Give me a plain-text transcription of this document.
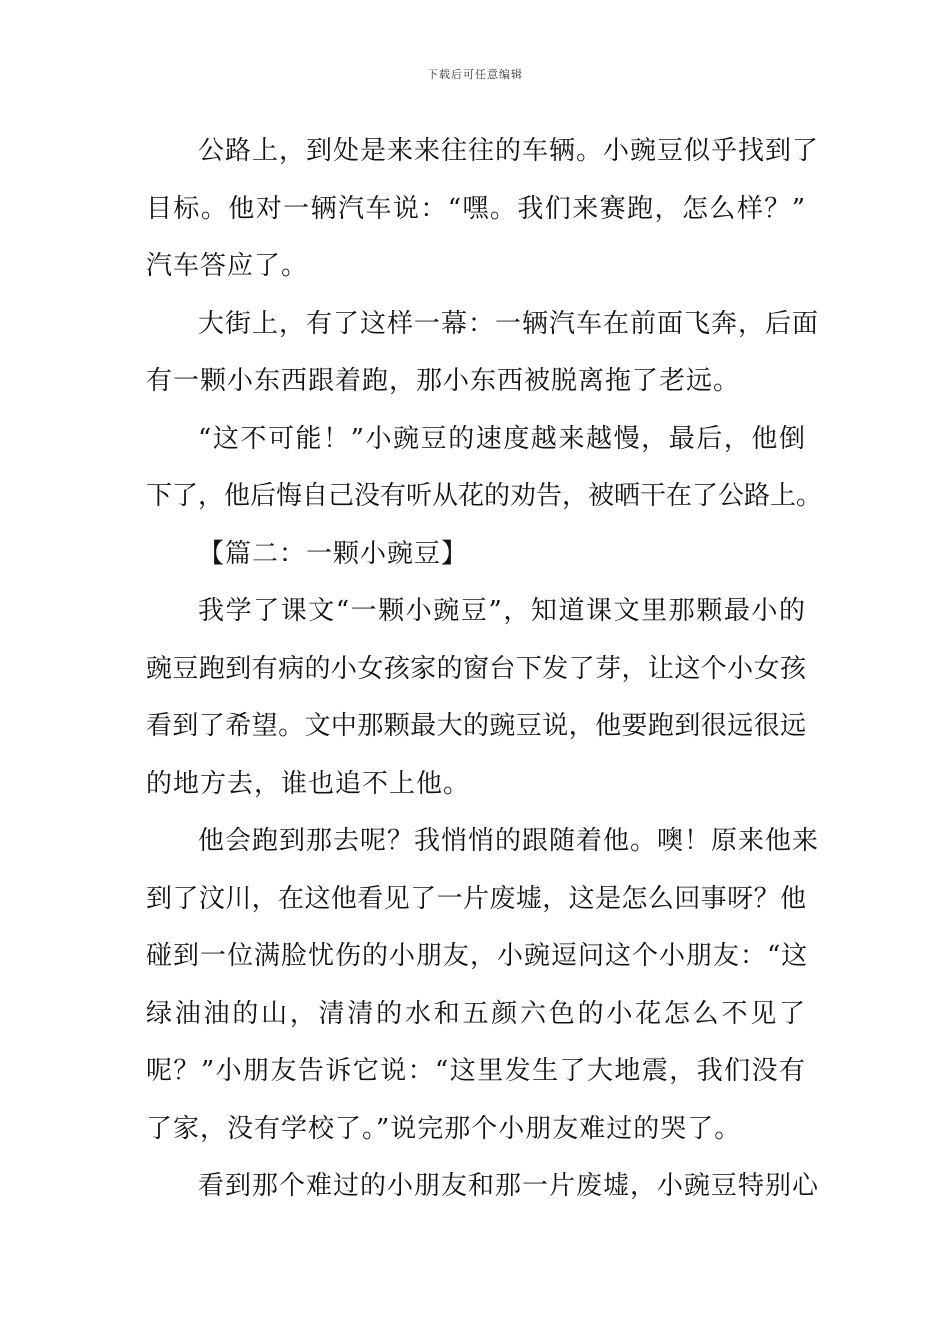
下载后可任意编辑
公路上，到处是来来往往的车辆。小豌豆似乎找到了
目标。他对一辆汽车说：“嘿。我们来赛跑，怎么样？”
汽车答应了。
大街上，有了这样一幕：一辆汽车在前面飞奔，后面
有一颗小东西跟着跑，那小东西被脱离拖了老远。
“这不可能！”小豌豆的速度越来越慢，最后，他倒
下了，他后悔自己没有听从花的劝告，被晒干在了公路上。
【篇二：一颗小豌豆】
我学了课文“一颗小豌豆”，知道课文里那颗最小的
豌豆跑到有病的小女孩家的窗台下发了芽，让这个小女孩
看到了希望。文中那颗最大的豌豆说，他要跑到很远很远
的地方去，谁也追不上他。
他会跑到那去呢？我悄悄的跟随着他。噢！原来他来
到了汶川，在这他看见了一片废墟，这是怎么回事呀？他
碰到一位满脸忧伤的小朋友，小豌逗问这个小朋友：“这
绿油油的山，清清的水和五颜六色的小花怎么不见了
呢？”小朋友告诉它说：“这里发生了大地震，我们没有
了家，没有学校了。”说完那个小朋友难过的哭了。
看到那个难过的小朋友和那一片废墟，小豌豆特别心
